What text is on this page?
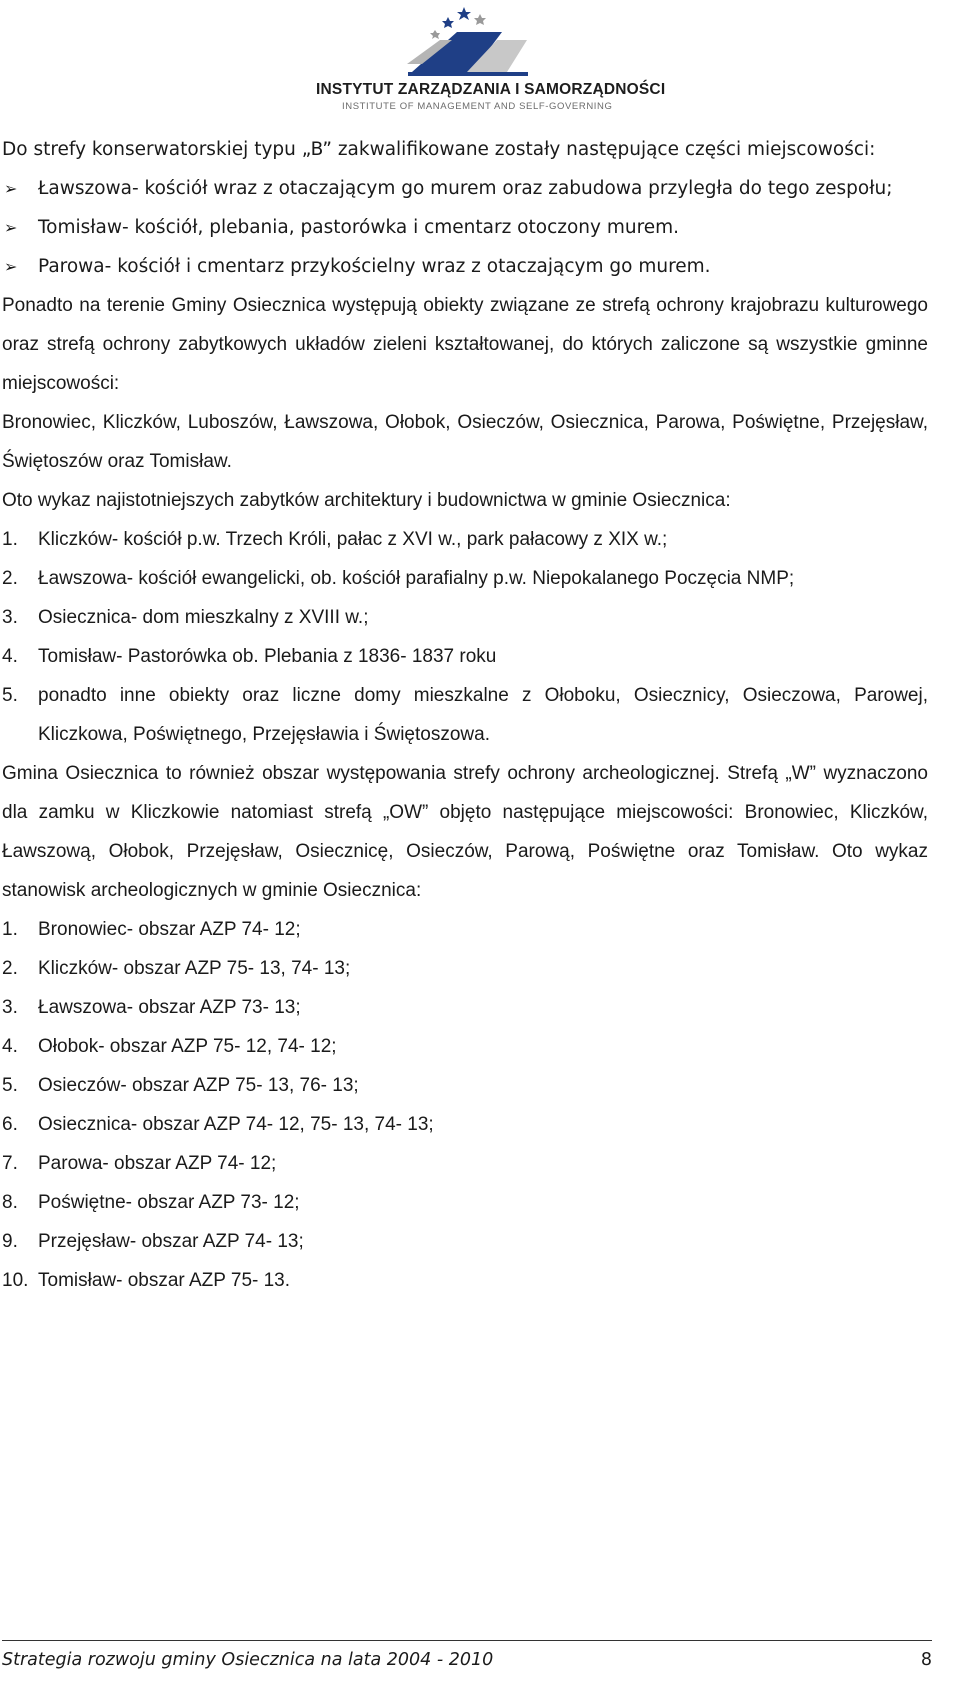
INSTYTUT ZARZĄDZANIA I SAMORZĄDNOŚCI
INSTITUTE OF MANAGEMENT AND SELF-GOVERNING

Do strefy konserwatorskiej typu „B” zakwalifikowane zostały następujące części miejscowości:

➢ Ławszowa- kościół wraz z otaczającym go murem oraz zabudowa przyległa do tego zespołu;
➢ Tomisław- kościół, plebania, pastorówka i cmentarz otoczony murem.
➢ Parowa- kościół i cmentarz przykościelny wraz z otaczającym go murem.

Ponadto na terenie Gminy Osiecznica występują obiekty związane ze strefą ochrony krajobrazu kulturowego oraz strefą ochrony zabytkowych układów zieleni kształtowanej, do których zaliczone są wszystkie gminne miejscowości:

Bronowiec, Kliczków, Luboszów, Ławszowa, Ołobok, Osieczów, Osiecznica, Parowa, Poświętne, Przejęsław, Świętoszów oraz Tomisław.

Oto wykaz najistotniejszych zabytków architektury i budownictwa w gminie Osiecznica:

1.	Kliczków- kościół p.w. Trzech Króli, pałac z XVI w., park pałacowy z XIX w.;
2.	Ławszowa- kościół ewangelicki, ob. kościół parafialny p.w. Niepokalanego Poczęcia NMP;
3.	Osiecznica- dom mieszkalny z XVIII w.;
4.	Tomisław- Pastorówka ob. Plebania z 1836- 1837 roku
5.	ponadto inne obiekty oraz liczne domy mieszkalne z Ołoboku, Osiecznicy, Osieczowa, Parowej, Kliczkowa, Poświętnego, Przejęsławia i Świętoszowa.

Gmina Osiecznica to również obszar występowania strefy ochrony archeologicznej. Strefą „W” wyznaczono dla zamku w Kliczkowie natomiast strefą „OW” objęto następujące miejscowości: Bronowiec, Kliczków, Ławszową, Ołobok, Przejęsław, Osiecznicę, Osieczów, Parową, Poświętne oraz Tomisław. Oto wykaz stanowisk archeologicznych w gminie Osiecznica:

1.	Bronowiec- obszar AZP 74- 12;
2.	Kliczków- obszar AZP 75- 13, 74- 13;
3.	Ławszowa- obszar AZP 73- 13;
4.	Ołobok- obszar AZP 75- 12, 74- 12;
5.	Osieczów- obszar AZP 75- 13, 76- 13;
6.	Osiecznica- obszar AZP 74- 12, 75- 13, 74- 13;
7.	Parowa- obszar AZP 74- 12;
8.	Poświętne- obszar AZP 73- 12;
9.	Przejęsław- obszar AZP 74- 13;
10. Tomisław- obszar AZP 75- 13.
Strategia rozwoju gminy Osiecznica na lata 2004 - 2010	8
